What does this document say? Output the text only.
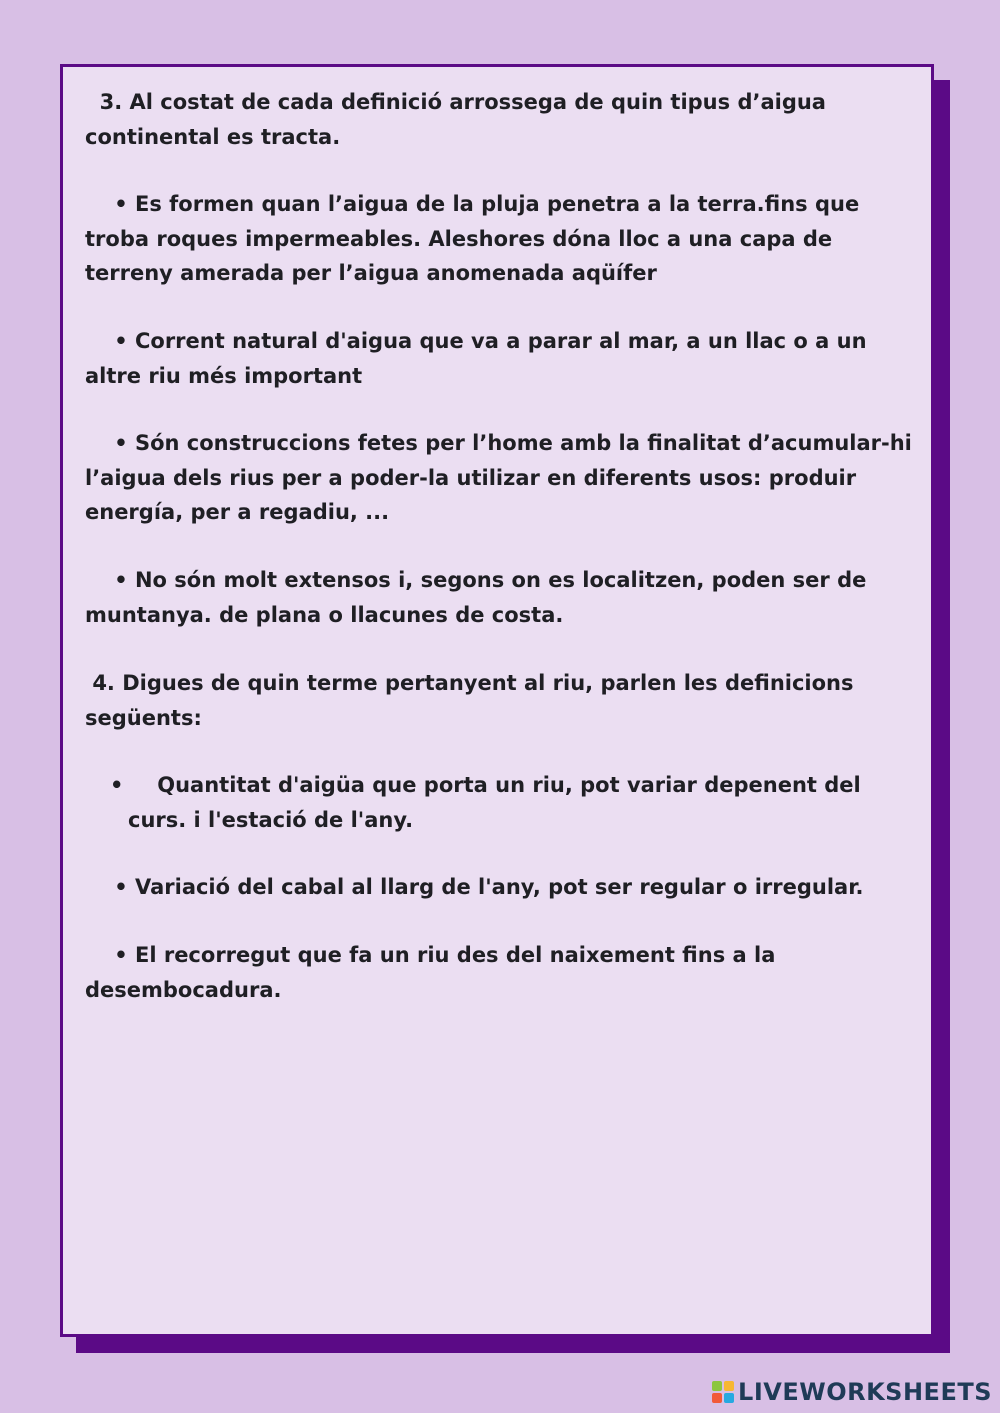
3. Al costat de cada definició arrossega de quin tipus d’aigua continental es tracta.

• Es formen quan l’aigua de la pluja penetra a la terra.fins que troba roques impermeables. Aleshores dóna lloc a una capa de terreny amerada per l’aigua anomenada aqüífer

• Corrent natural d'aigua que va a parar al mar, a un llac o a un altre riu més important

• Són construccions fetes per l’home amb la finalitat d’acumular-hi l’aigua dels rius per a poder-la utilizar en diferents usos: produir energía, per a regadiu, ...

• No són molt extensos i, segons on es localitzen, poden ser de muntanya. de plana o llacunes de costa.

4. Digues de quin terme pertanyent al riu, parlen les definicions següents:

• Quantitat d'aigüa que porta un riu, pot variar depenent del curs. i l'estació de l'any.

• Variació del cabal al llarg de l'any, pot ser regular o irregular.

• El recorregut que fa un riu des del naixement fins a la desembocadura.

LIVEWORKSHEETS
